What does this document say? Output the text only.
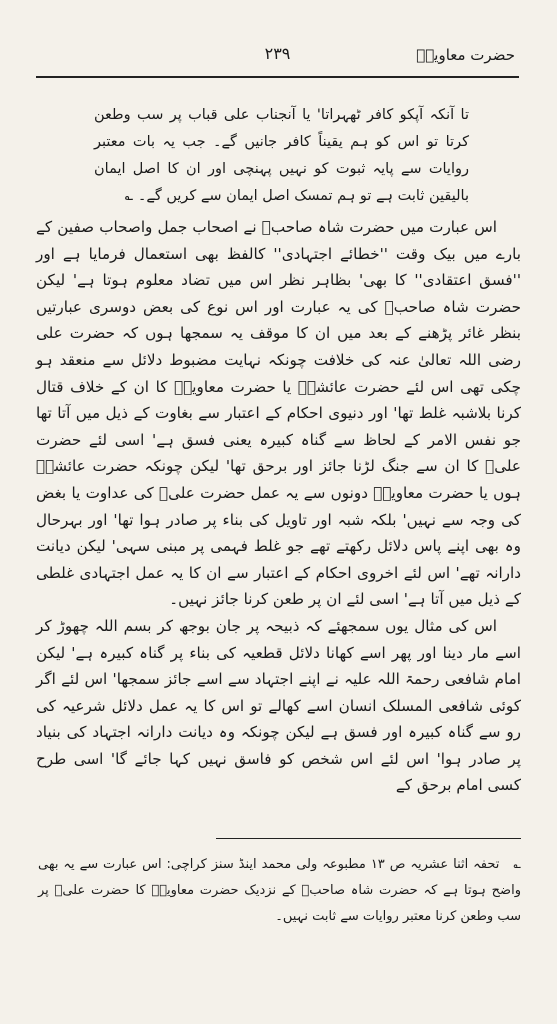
حضرت معاویہؓ
۲۳۹

تا آنکہ آپکو کافر ٹھہراتا' یا آنجناب علی قباب پر سب وطعن کرتا تو اس کو ہم یقیناً کافر جانیں گے۔ جب یہ بات معتبر روایات سے پایہ ثبوت کو نہیں پہنچی اور ان کا اصل ایمان بالیقین ثابت ہے تو ہم تمسک اصل ایمان سے کریں گے۔ ؎

اس عبارت میں حضرت شاہ صاحبؒ نے اصحاب جمل واصحاب صفین کے بارے میں بیک وقت ''خطائے اجتہادی'' کالفظ بھی استعمال فرمایا ہے اور ''فسق اعتقادی'' کا بھی' بظاہر نظر اس میں تضاد معلوم ہوتا ہے' لیکن حضرت شاہ صاحبؒ کی یہ عبارت اور اس نوع کی بعض دوسری عبارتیں بنظر غائر پڑھنے کے بعد میں ان کا موقف یہ سمجھا ہوں کہ حضرت علی رضی اللہ تعالیٰ عنہ کی خلافت چونکہ نہایت مضبوط دلائل سے منعقد ہو چکی تھی اس لئے حضرت عائشہؓ یا حضرت معاویہؓ کا ان کے خلاف قتال کرنا بلاشبہ غلط تھا' اور دنیوی احکام کے اعتبار سے بغاوت کے ذیل میں آتا تھا جو نفس الامر کے لحاظ سے گناہ کبیرہ یعنی فسق ہے' اسی لئے حضرت علیؓ کا ان سے جنگ لڑنا جائز اور برحق تھا' لیکن چونکہ حضرت عائشہؓ ہوں یا حضرت معاویہؓ دونوں سے یہ عمل حضرت علیؓ کی عداوت یا بغض کی وجہ سے نہیں' بلکہ شبہ اور تاویل کی بناء پر صادر ہوا تھا' اور بہرحال وہ بھی اپنے پاس دلائل رکھتے تھے جو غلط فہمی پر مبنی سہی' لیکن دیانت دارانہ تھے' اس لئے اخروی احکام کے اعتبار سے ان کا یہ عمل اجتہادی غلطی کے ذیل میں آتا ہے' اسی لئے ان پر طعن کرنا جائز نہیں۔

اس کی مثال یوں سمجھئے کہ ذبیحہ پر جان بوجھ کر بسم اللہ چھوڑ کر اسے مار دینا اور پھر اسے کھانا دلائل قطعیہ کی بناء پر گناہ کبیرہ ہے' لیکن امام شافعی رحمۃ اللہ علیہ نے اپنے اجتہاد سے اسے جائز سمجھا' اس لئے اگر کوئی شافعی المسلک انسان اسے کھالے تو اس کا یہ عمل دلائل شرعیہ کی رو سے گناہ کبیرہ اور فسق ہے لیکن چونکہ وہ دیانت دارانہ اجتہاد کی بنیاد پر صادر ہوا' اس لئے اس شخص کو فاسق نہیں کہا جائے گا' اسی طرح کسی امام برحق کے

؎تحفہ اثنا عشریہ ص ۱۳ مطبوعہ ولی محمد اینڈ سنز کراچی: اس عبارت سے یہ بھی واضح ہوتا ہے کہ حضرت شاہ صاحبؒ کے نزدیک حضرت معاویہؓ کا حضرت علیؓ پر سب وطعن کرنا معتبر روایات سے ثابت نہیں۔
